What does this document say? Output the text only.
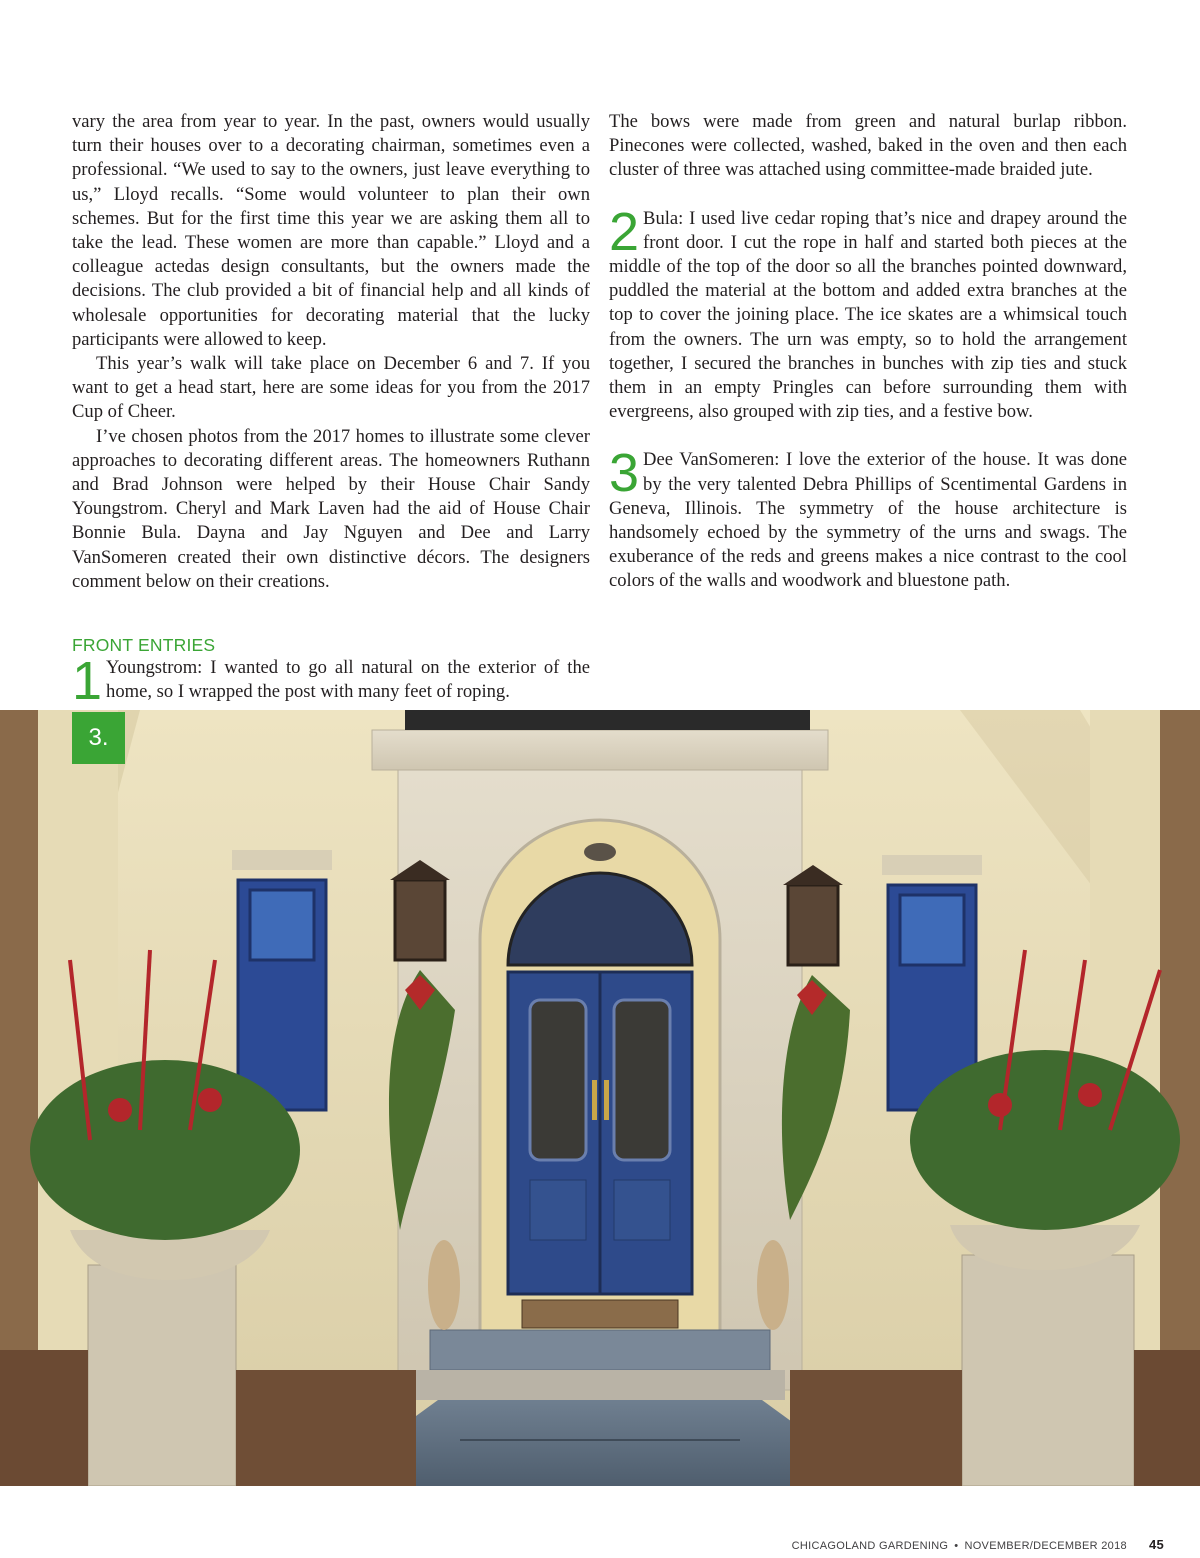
vary the area from year to year. In the past, owners would usually turn their houses over to a decorating chairman, sometimes even a professional. “We used to say to the owners, just leave everything to us,” Lloyd recalls. “Some would volunteer to plan their own schemes. But for the first time this year we are asking them all to take the lead. These women are more than capable.” Lloyd and a colleague actedas design consultants, but the owners made the decisions. The club provided a bit of financial help and all kinds of wholesale opportunities for decorating material that the lucky participants were allowed to keep.

This year’s walk will take place on December 6 and 7. If you want to get a head start, here are some ideas for you from the 2017 Cup of Cheer.

I’ve chosen photos from the 2017 homes to illustrate some clever approaches to decorating different areas. The homeowners Ruthann and Brad Johnson were helped by their House Chair Sandy Youngstrom. Cheryl and Mark Laven had the aid of House Chair Bonnie Bula. Dayna and Jay Nguyen and Dee and Larry VanSomeren created their own distinctive décors. The designers comment below on their creations.

FRONT ENTRIES
1 Youngstrom: I wanted to go all natural on the exterior of the home, so I wrapped the post with many feet of roping.

The bows were made from green and natural burlap ribbon. Pinecones were collected, washed, baked in the oven and then each cluster of three was attached using committee-made braided jute.

2 Bula: I used live cedar roping that’s nice and drapey around the front door. I cut the rope in half and started both pieces at the middle of the top of the door so all the branches pointed downward, puddled the material at the bottom and added extra branches at the top to cover the joining place. The ice skates are a whimsical touch from the owners. The urn was empty, so to hold the arrangement together, I secured the branches in bunches with zip ties and stuck them in an empty Pringles can before surrounding them with evergreens, also grouped with zip ties, and a festive bow.

3 Dee VanSomeren: I love the exterior of the house. It was done by the very talented Debra Phillips of Scentimental Gardens in Geneva, Illinois. The symmetry of the house architecture is handsomely echoed by the symmetry of the urns and swags. The exuberance of the reds and greens makes a nice contrast to the cool colors of the walls and woodwork and bluestone path.

3.
CHICAGOLAND GARDENING • NOVEMBER/DECEMBER 2018 45
